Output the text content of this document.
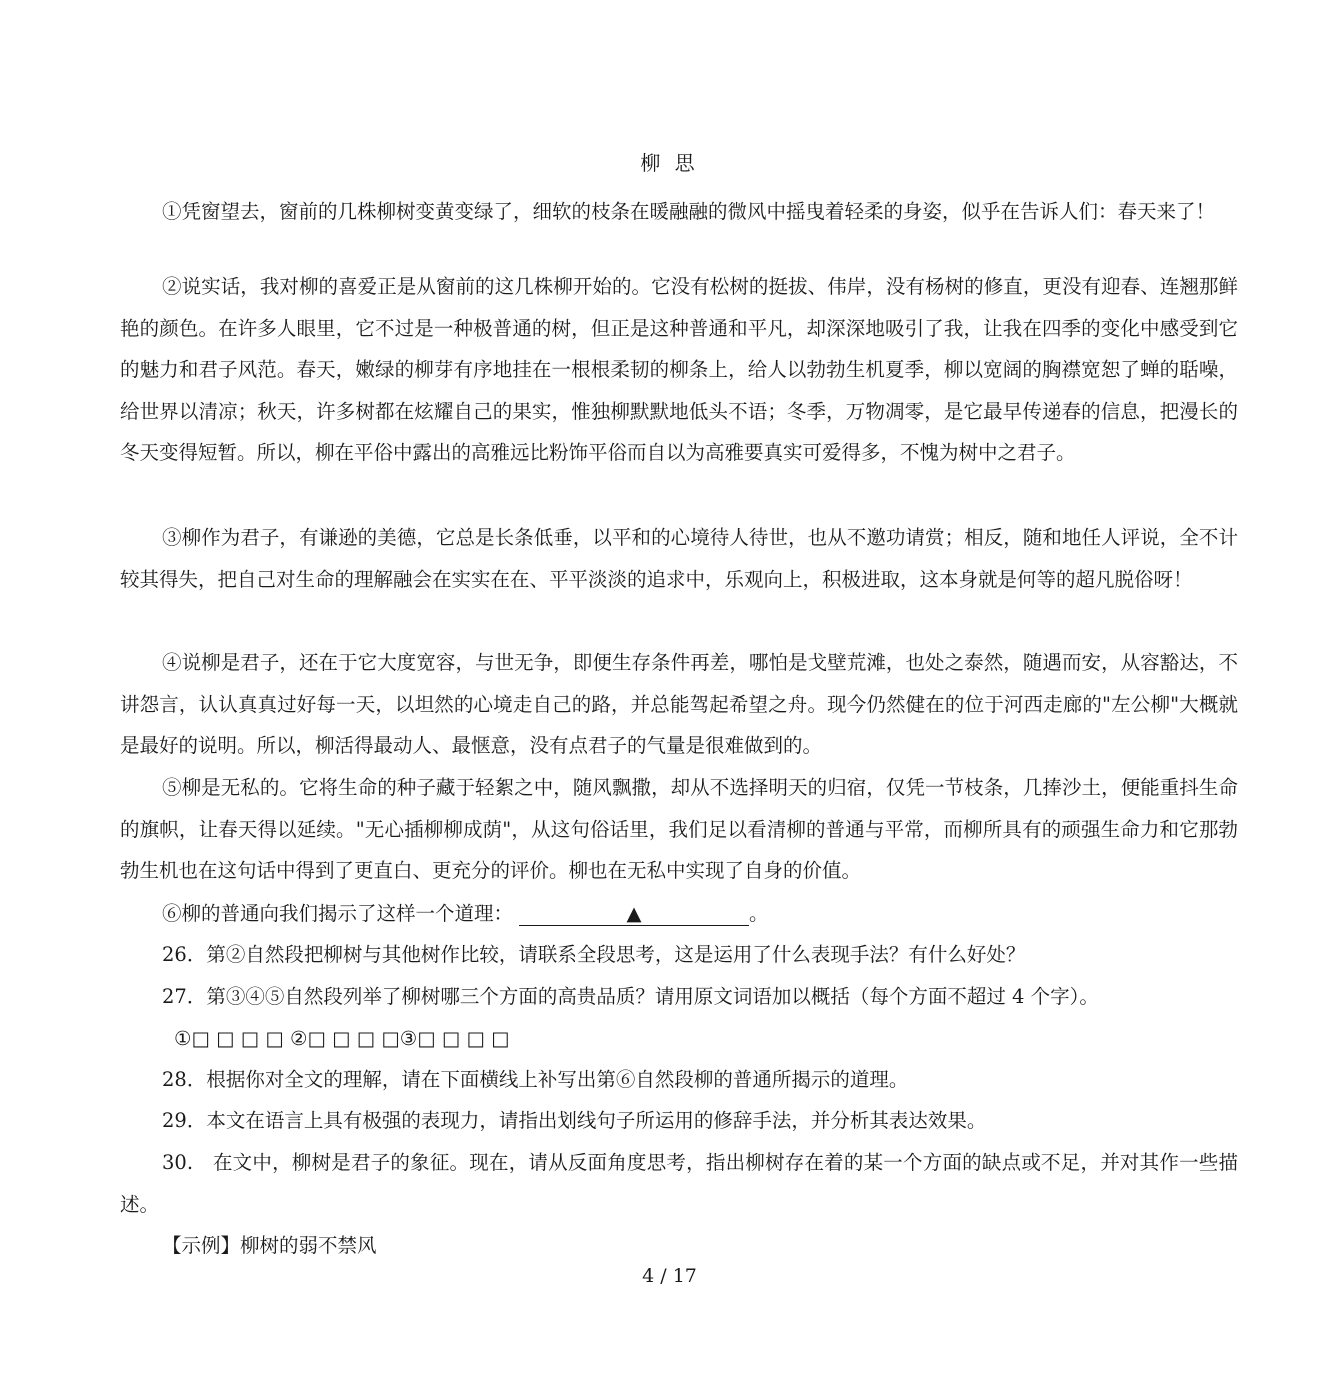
柳 思

①凭窗望去，窗前的几株柳树变黄变绿了，细软的枝条在暖融融的微风中摇曳着轻柔的身姿，似乎在告诉人们：春天来了！

②说实话，我对柳的喜爱正是从窗前的这几株柳开始的。它没有松树的挺拔、伟岸，没有杨树的修直，更没有迎春、连翘那鲜艳的颜色。在许多人眼里，它不过是一种极普通的树，但正是这种普通和平凡，却深深地吸引了我，让我在四季的变化中感受到它的魅力和君子风范。春天，嫩绿的柳芽有序地挂在一根根柔韧的柳条上，给人以勃勃生机夏季，柳以宽阔的胸襟宽恕了蝉的聒噪，给世界以清凉；秋天，许多树都在炫耀自己的果实，惟独柳默默地低头不语；冬季，万物凋零，是它最早传递春的信息，把漫长的冬天变得短暂。所以，柳在平俗中露出的高雅远比粉饰平俗而自以为高雅要真实可爱得多，不愧为树中之君子。

③柳作为君子，有谦逊的美德，它总是长条低垂，以平和的心境待人待世，也从不邀功请赏；相反，随和地任人评说，全不计较其得失，把自己对生命的理解融会在实实在在、平平淡淡的追求中，乐观向上，积极进取，这本身就是何等的超凡脱俗呀！

④说柳是君子，还在于它大度宽容，与世无争，即便生存条件再差，哪怕是戈壁荒滩，也处之泰然，随遇而安，从容豁达，不讲怨言，认认真真过好每一天，以坦然的心境走自己的路，并总能驾起希望之舟。现今仍然健在的位于河西走廊的"左公柳"大概就是最好的说明。所以，柳活得最动人、最惬意，没有点君子的气量是很难做到的。

⑤柳是无私的。它将生命的种子藏于轻絮之中，随风飘撒，却从不选择明天的归宿，仅凭一节枝条，几捧沙土，便能重抖生命的旗帜，让春天得以延续。"无心插柳柳成荫"，从这句俗话里，我们足以看清柳的普通与平常，而柳所具有的顽强生命力和它那勃勃生机也在这句话中得到了更直白、更充分的评价。柳也在无私中实现了自身的价值。

⑥柳的普通向我们揭示了这样一个道理：	▲	。

26．第②自然段把柳树与其他树作比较，请联系全段思考，这是运用了什么表现手法？有什么好处？

27．第③④⑤自然段列举了柳树哪三个方面的高贵品质？请用原文词语加以概括（每个方面不超过 4 个字）。

①□ □ □ □ ②□ □ □ □③□ □ □ □

28．根据你对全文的理解，请在下面横线上补写出第⑥自然段柳的普通所揭示的道理。

29．本文在语言上具有极强的表现力，请指出划线句子所运用的修辞手法，并分析其表达效果。

30.　在文中，柳树是君子的象征。现在，请从反面角度思考，指出柳树存在着的某一个方面的缺点或不足，并对其作一些描述。

【示例】柳树的弱不禁风

4 / 17
